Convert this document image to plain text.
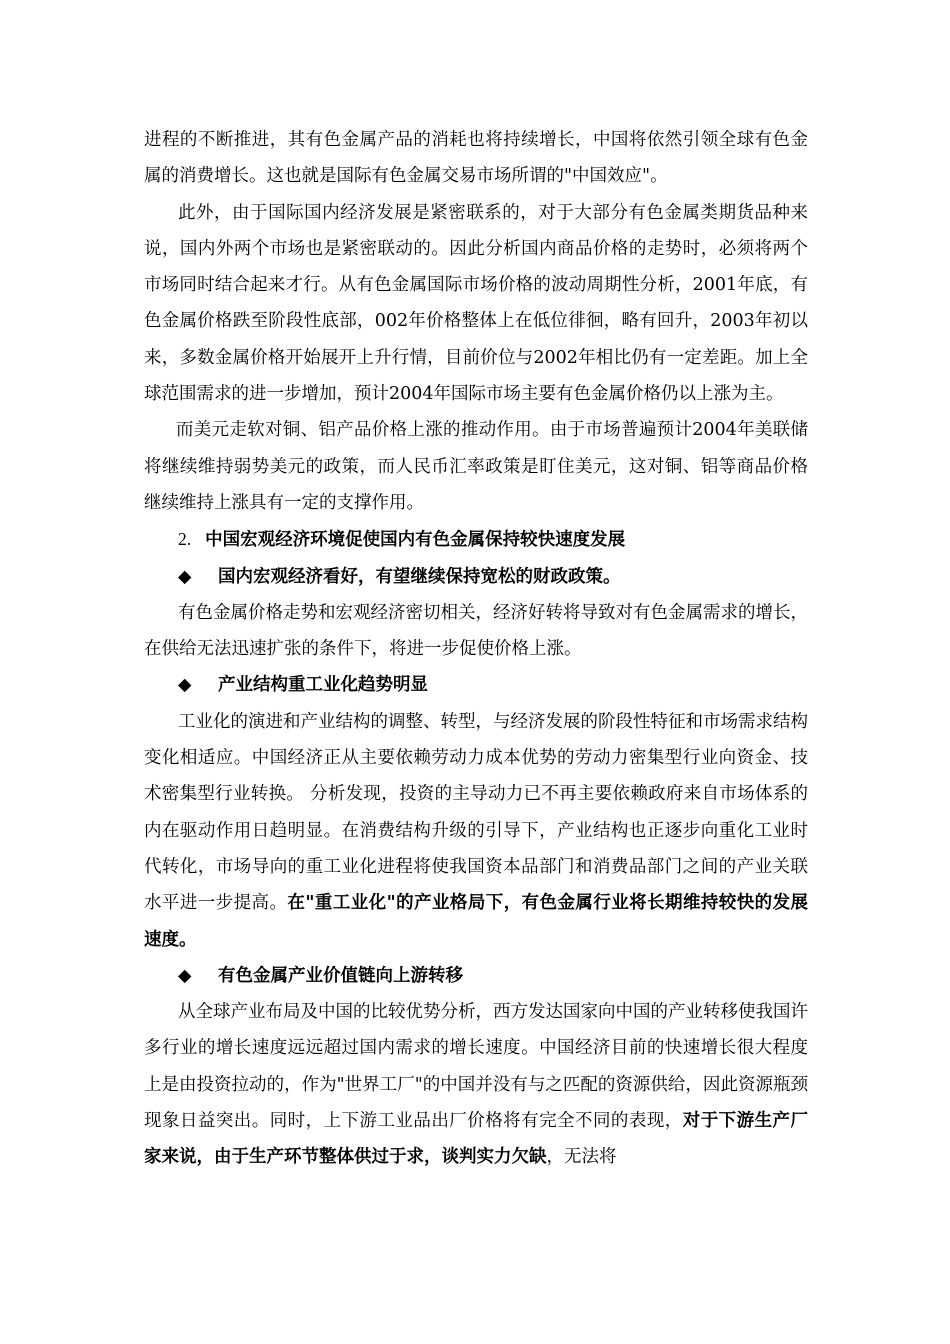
进程的不断推进，其有色金属产品的消耗也将持续增长，中国将依然引领全球有色金属的消费增长。这也就是国际有色金属交易市场所谓的"中国效应"。

此外，由于国际国内经济发展是紧密联系的，对于大部分有色金属类期货品种来说，国内外两个市场也是紧密联动的。因此分析国内商品价格的走势时，必须将两个市场同时结合起来才行。从有色金属国际市场价格的波动周期性分析，2001年底，有色金属价格跌至阶段性底部，002年价格整体上在低位徘徊，略有回升，2003年初以来，多数金属价格开始展开上升行情，目前价位与2002年相比仍有一定差距。加上全球范围需求的进一步增加，预计2004年国际市场主要有色金属价格仍以上涨为主。

而美元走软对铜、铝产品价格上涨的推动作用。由于市场普遍预计2004年美联储将继续维持弱势美元的政策，而人民币汇率政策是盯住美元，这对铜、铝等商品价格继续维持上涨具有一定的支撑作用。

2. 中国宏观经济环境促使国内有色金属保持较快速度发展

◆ 国内宏观经济看好，有望继续保持宽松的财政政策。

有色金属价格走势和宏观经济密切相关，经济好转将导致对有色金属需求的增长，在供给无法迅速扩张的条件下，将进一步促使价格上涨。

◆ 产业结构重工业化趋势明显

工业化的演进和产业结构的调整、转型，与经济发展的阶段性特征和市场需求结构变化相适应。中国经济正从主要依赖劳动力成本优势的劳动力密集型行业向资金、技术密集型行业转换。 分析发现，投资的主导动力已不再主要依赖政府来自市场体系的内在驱动作用日趋明显。在消费结构升级的引导下，产业结构也正逐步向重化工业时代转化，市场导向的重工业化进程将使我国资本品部门和消费品部门之间的产业关联水平进一步提高。在"重工业化"的产业格局下，有色金属行业将长期维持较快的发展速度。

◆ 有色金属产业价值链向上游转移

从全球产业布局及中国的比较优势分析，西方发达国家向中国的产业转移使我国许多行业的增长速度远远超过国内需求的增长速度。中国经济目前的快速增长很大程度上是由投资拉动的，作为"世界工厂"的中国并没有与之匹配的资源供给，因此资源瓶颈现象日益突出。同时，上下游工业品出厂价格将有完全不同的表现，对于下游生产厂家来说，由于生产环节整体供过于求，谈判实力欠缺，无法将
